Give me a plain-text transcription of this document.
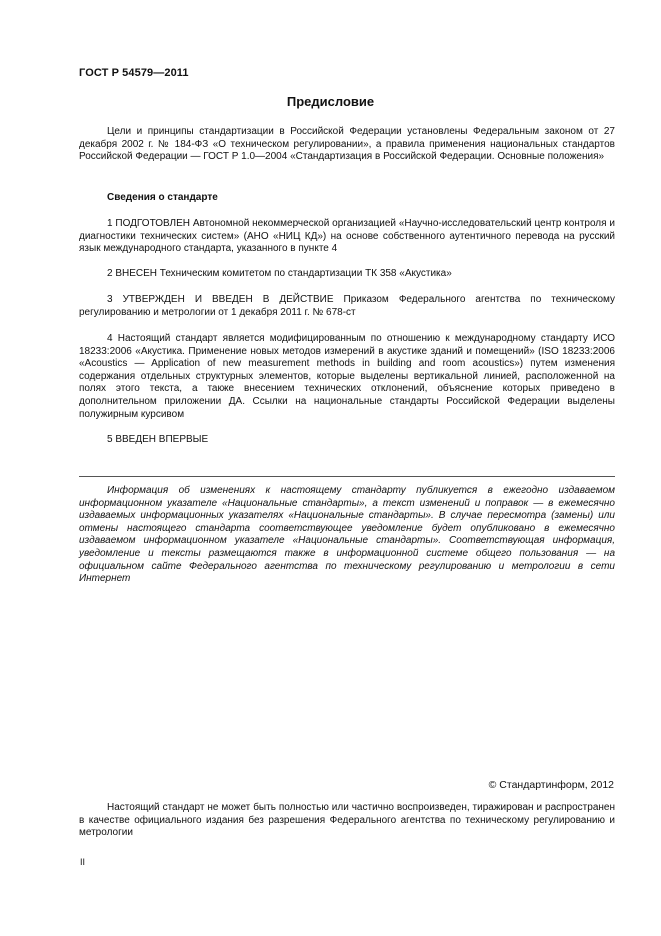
ГОСТ Р 54579—2011
Предисловие
Цели и принципы стандартизации в Российской Федерации установлены Федеральным законом от 27 декабря 2002 г. № 184-ФЗ «О техническом регулировании», а правила применения национальных стандартов Российской Федерации — ГОСТ Р 1.0—2004 «Стандартизация в Российской Федерации. Основные положения»
Сведения о стандарте
1 ПОДГОТОВЛЕН Автономной некоммерческой организацией «Научно-исследовательский центр контроля и диагностики технических систем» (АНО «НИЦ КД») на основе собственного аутентичного перевода на русский язык международного стандарта, указанного в пункте 4
2 ВНЕСЕН Техническим комитетом по стандартизации ТК 358 «Акустика»
3 УТВЕРЖДЕН И ВВЕДЕН В ДЕЙСТВИЕ Приказом Федерального агентства по техническому регулированию и метрологии от 1 декабря 2011 г. № 678-ст
4 Настоящий стандарт является модифицированным по отношению к международному стандарту ИСО 18233:2006 «Акустика. Применение новых методов измерений в акустике зданий и помещений» (ISO 18233:2006 «Acoustics — Application of new measurement methods in building and room acoustics») путем изменения содержания отдельных структурных элементов, которые выделены вертикальной линией, расположенной на полях этого текста, а также внесением технических отклонений, объяснение которых приведено в дополнительном приложении ДА. Ссылки на национальные стандарты Российской Федерации выделены полужирным курсивом
5 ВВЕДЕН ВПЕРВЫЕ
Информация об изменениях к настоящему стандарту публикуется в ежегодно издаваемом информационном указателе «Национальные стандарты», а текст изменений и поправок — в ежемесячно издаваемых информационных указателях «Национальные стандарты». В случае пересмотра (замены) или отмены настоящего стандарта соответствующее уведомление будет опубликовано в ежемесячно издаваемом информационном указателе «Национальные стандарты». Соответствующая информация, уведомление и тексты размещаются также в информационной системе общего пользования — на официальном сайте Федерального агентства по техническому регулированию и метрологии в сети Интернет
© Стандартинформ, 2012
Настоящий стандарт не может быть полностью или частично воспроизведен, тиражирован и распространен в качестве официального издания без разрешения Федерального агентства по техническому регулированию и метрологии
II
